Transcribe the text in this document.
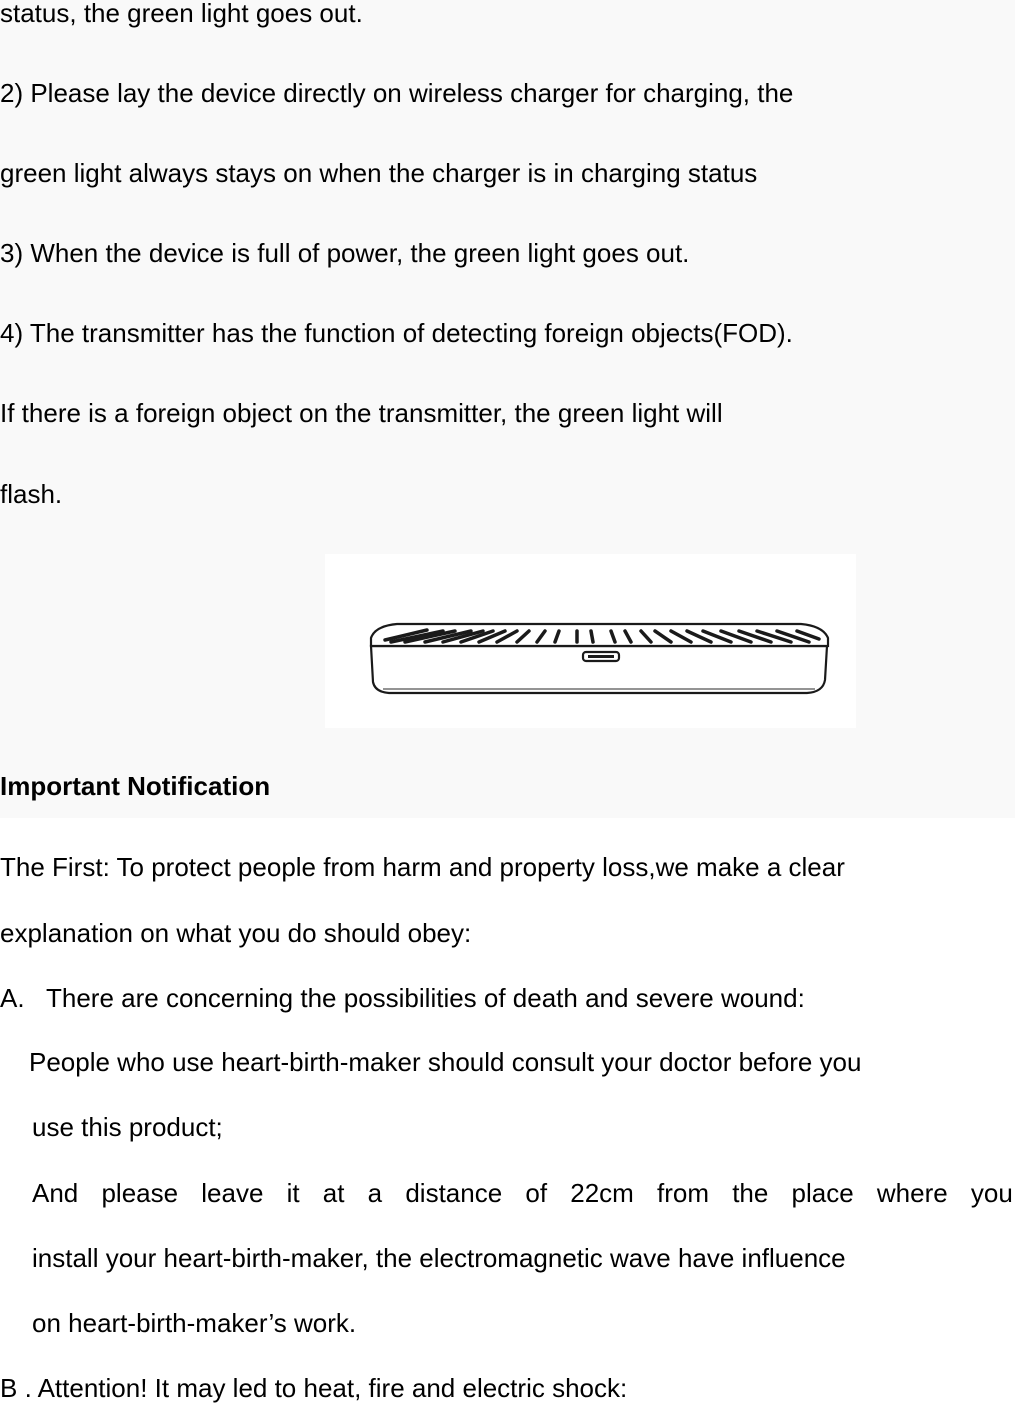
status, the green light goes out.

2) Please lay the device directly on wireless charger for charging, the

green light always stays on when the charger is in charging status

3) When the device is full of power, the green light goes out.

4) The transmitter has the function of detecting foreign objects(FOD).

If there is a foreign object on the transmitter, the green light will

flash.

Important Notification

The First: To protect people from harm and property loss,we make a clear

explanation on what you do should obey:

A. There are concerning the possibilities of death and severe wound:

People who use heart-birth-maker should consult your doctor before you

use this product;

And please leave it at a distance of 22cm from the place where you

install your heart-birth-maker, the electromagnetic wave have influence

on heart-birth-maker’s work.

B . Attention! It may led to heat, fire and electric shock:
